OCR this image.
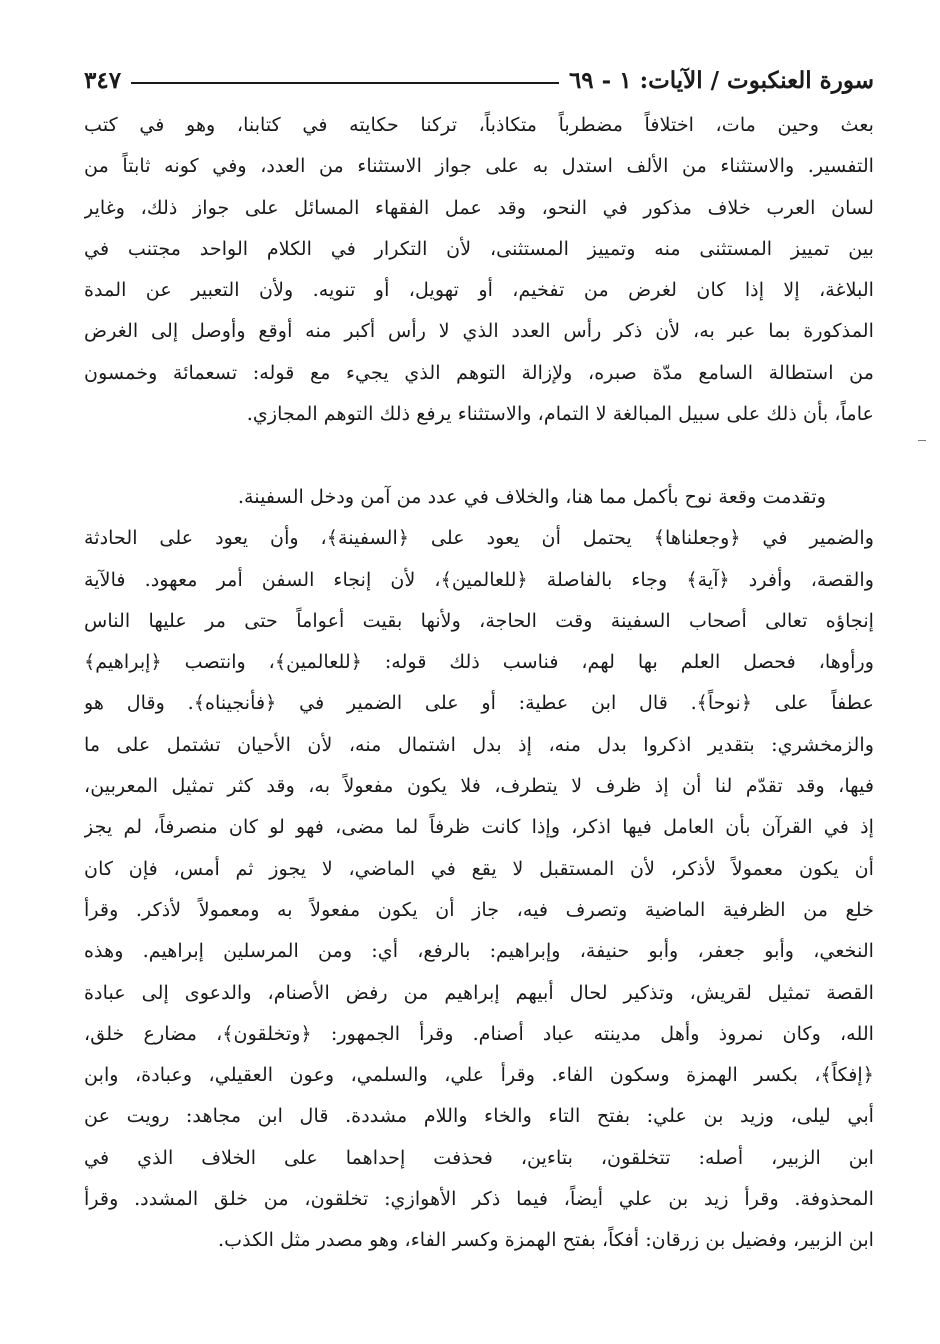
سورة العنكبوت / الآيات: ١ - ٦٩
٣٤٧
بعث وحين مات، اختلافاً مضطرباً متكاذباً، تركنا حكايته في كتابنا، وهو في كتب
التفسير. والاستثناء من الألف استدل به على جواز الاستثناء من العدد، وفي كونه ثابتاً من
لسان العرب خلاف مذكور في النحو، وقد عمل الفقهاء المسائل على جواز ذلك، وغاير
بين تمييز المستثنى منه وتمييز المستثنى، لأن التكرار في الكلام الواحد مجتنب في
البلاغة، إلا إذا كان لغرض من تفخيم، أو تهويل، أو تنويه. ولأن التعبير عن المدة
المذكورة بما عبر به، لأن ذكر رأس العدد الذي لا رأس أكبر منه أوقع وأوصل إلى الغرض
من استطالة السامع مدّة صبره، ولإزالة التوهم الذي يجيء مع قوله: تسعمائة وخمسون
عاماً، بأن ذلك على سبيل المبالغة لا التمام، والاستثناء يرفع ذلك التوهم المجازي.
وتقدمت وقعة نوح بأكمل مما هنا، والخلاف في عدد من آمن ودخل السفينة.
والضمير في ﴿وجعلناها﴾ يحتمل أن يعود على ﴿السفينة﴾، وأن يعود على الحادثة
والقصة، وأفرد ﴿آية﴾ وجاء بالفاصلة ﴿للعالمين﴾، لأن إنجاء السفن أمر معهود. فالآية
إنجاؤه تعالى أصحاب السفينة وقت الحاجة، ولأنها بقيت أعواماً حتى مر عليها الناس
ورأوها، فحصل العلم بها لهم، فناسب ذلك قوله: ﴿للعالمين﴾، وانتصب ﴿إبراهيم﴾
عطفاً على ﴿نوحاً﴾. قال ابن عطية: أو على الضمير في ﴿فأنجيناه﴾. وقال هو
والزمخشري: بتقدير اذكروا بدل منه، إذ بدل اشتمال منه، لأن الأحيان تشتمل على ما
فيها، وقد تقدّم لنا أن إذ ظرف لا يتطرف، فلا يكون مفعولاً به، وقد كثر تمثيل المعربين،
إذ في القرآن بأن العامل فيها اذكر، وإذا كانت ظرفاً لما مضى، فهو لو كان منصرفاً، لم يجز
أن يكون معمولاً لأذكر، لأن المستقبل لا يقع في الماضي، لا يجوز ثم أمس، فإن كان
خلع من الظرفية الماضية وتصرف فيه، جاز أن يكون مفعولاً به ومعمولاً لأذكر. وقرأ
النخعي، وأبو جعفر، وأبو حنيفة، وإبراهيم: بالرفع، أي: ومن المرسلين إبراهيم. وهذه
القصة تمثيل لقريش، وتذكير لحال أبيهم إبراهيم من رفض الأصنام، والدعوى إلى عبادة
الله، وكان نمروذ وأهل مدينته عباد أصنام. وقرأ الجمهور: ﴿وتخلقون﴾، مضارع خلق،
﴿إفكاً﴾، بكسر الهمزة وسكون الفاء. وقرأ علي، والسلمي، وعون العقيلي، وعبادة، وابن
أبي ليلى، وزيد بن علي: بفتح التاء والخاء واللام مشددة. قال ابن مجاهد: رويت عن
ابن الزبير، أصله: تتخلقون، بتاءين، فحذفت إحداهما على الخلاف الذي في
المحذوفة. وقرأ زيد بن علي أيضاً، فيما ذكر الأهوازي: تخلقون، من خلق المشدد. وقرأ
ابن الزبير، وفضيل بن زرقان: أفكاً، بفتح الهمزة وكسر الفاء، وهو مصدر مثل الكذب.
